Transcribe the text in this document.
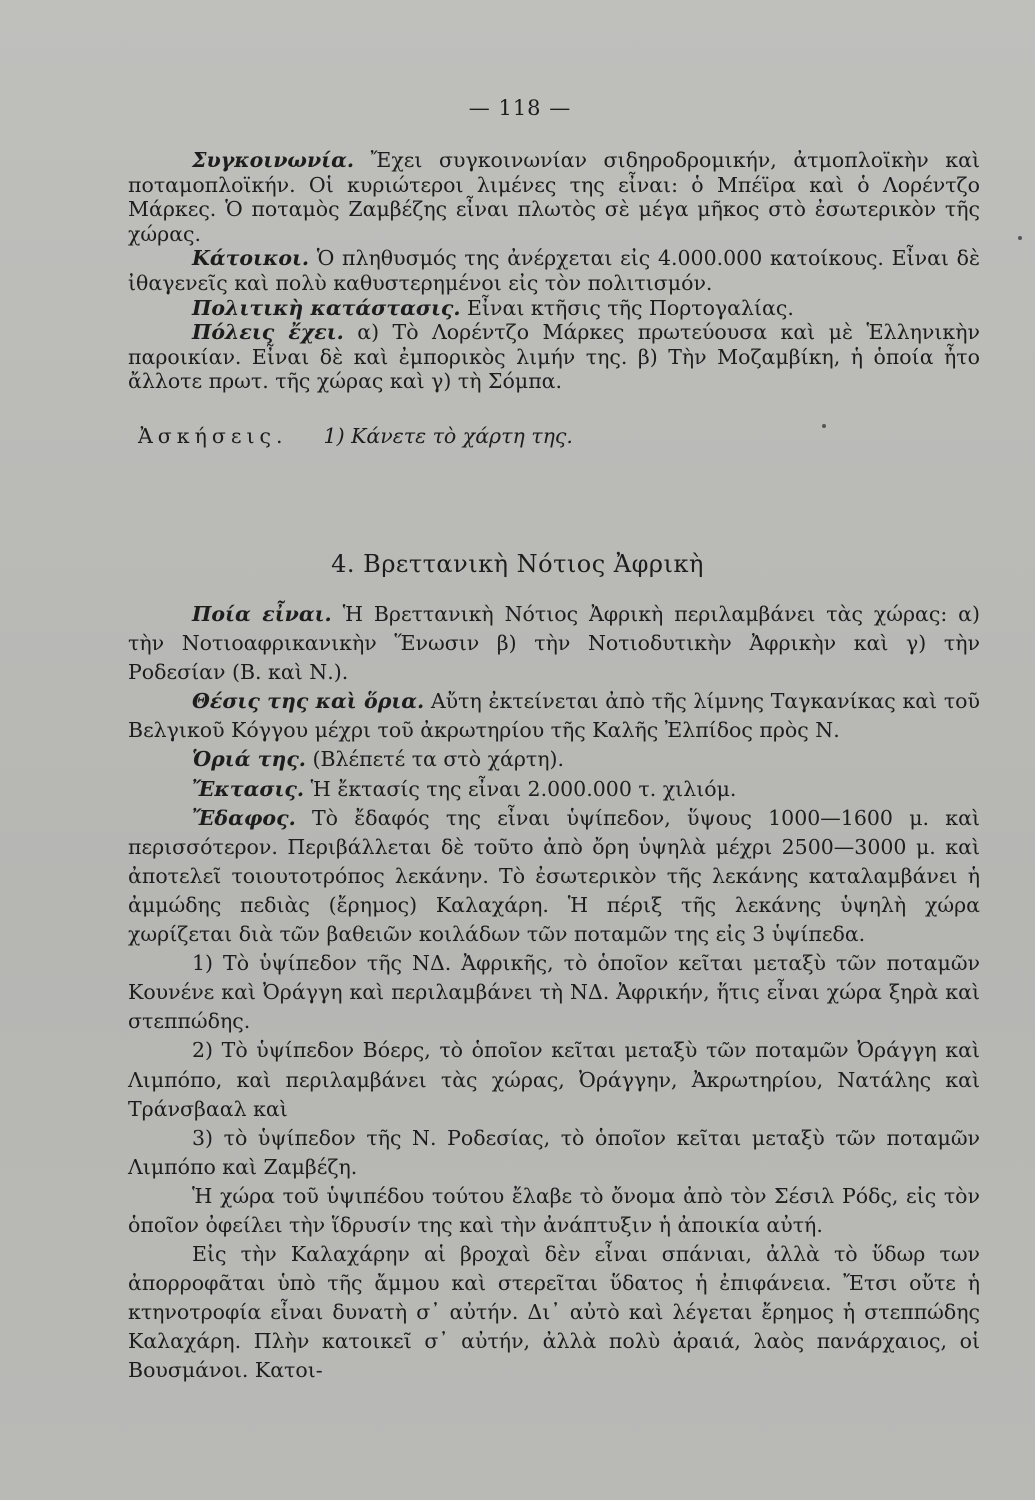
— 118 —

Συγκοινωνία. Ἔχει συγκοινωνίαν σιδηροδρομικήν, ἀτμοπλοϊκὴν καὶ ποταμοπλοϊκήν. Οἱ κυριώτεροι λιμένες της εἶναι: ὁ Μπέϊρα καὶ ὁ Λορέντζο Μάρκες. Ὁ ποταμὸς Ζαμβέζης εἶναι πλωτὸς σὲ μέγα μῆκος στὸ ἐσωτερικὸν τῆς χώρας.

Κάτοικοι. Ὁ πληθυσμός της ἀνέρχεται εἰς 4.000.000 κατοίκους. Εἶναι δὲ ἰθαγενεῖς καὶ πολὺ καθυστερημένοι εἰς τὸν πολιτισμόν.

Πολιτικὴ κατάστασις. Εἶναι κτῆσις τῆς Πορτογαλίας.

Πόλεις ἔχει. α) Τὸ Λορέντζο Μάρκες πρωτεύουσα καὶ μὲ Ἑλληνικὴν παροικίαν. Εἶναι δὲ καὶ ἐμπορικὸς λιμήν της. β) Τὴν Μοζαμβίκη, ἡ ὁποία ἦτο ἄλλοτε πρωτ. τῆς χώρας καὶ γ) τὴ Σόμπα.

Ἀσκήσεις. 1) Κάνετε τὸ χάρτη της.

4. Βρεττανικὴ Νότιος Ἀφρικὴ

Ποία εἶναι. Ἡ Βρεττανικὴ Νότιος Ἀφρικὴ περιλαμβάνει τὰς χώρας: α) τὴν Νοτιοαφρικανικὴν Ἕνωσιν β) τὴν Νοτιοδυτικὴν Ἀφρικὴν καὶ γ) τὴν Ροδεσίαν (Β. καὶ Ν.).

Θέσις της καὶ ὅρια. Αὔτη ἐκτείνεται ἀπὸ τῆς λίμνης Ταγκανίκας καὶ τοῦ Βελγικοῦ Κόγγου μέχρι τοῦ ἀκρωτηρίου τῆς Καλῆς Ἐλπίδος πρὸς Ν.

Ὁριά της. (Βλέπετέ τα στὸ χάρτη).

Ἔκτασις. Ἡ ἔκτασίς της εἶναι 2.000.000 τ. χιλιόμ.

Ἔδαφος. Τὸ ἔδαφός της εἶναι ὑψίπεδον, ὕψους 1000—1600 μ. καὶ περισσότερον. Περιβάλλεται δὲ τοῦτο ἀπὸ ὄρη ὑψηλὰ μέχρι 2500—3000 μ. καὶ ἀποτελεῖ τοιουτοτρόπος λεκάνην. Τὸ ἐσωτερικὸν τῆς λεκάνης καταλαμβάνει ἡ ἀμμώδης πεδιὰς (ἔρημος) Καλαχάρη. Ἡ πέριξ τῆς λεκάνης ὑψηλὴ χώρα χωρίζεται διὰ τῶν βαθειῶν κοιλάδων τῶν ποταμῶν της εἰς 3 ὑψίπεδα.

1) Τὸ ὑψίπεδον τῆς ΝΔ. Ἀφρικῆς, τὸ ὁποῖον κεῖται μεταξὺ τῶν ποταμῶν Κουνένε καὶ Ὀράγγη καὶ περιλαμβάνει τὴ ΝΔ. Ἀφρικήν, ἥτις εἶναι χώρα ξηρὰ καὶ στεππώδης.

2) Τὸ ὑψίπεδον Βόερς, τὸ ὁποῖον κεῖται μεταξὺ τῶν ποταμῶν Ὀράγγη καὶ Λιμπόπο, καὶ περιλαμβάνει τὰς χώρας, Ὀράγγην, Ἀκρωτηρίου, Νατάλης καὶ Τράνσβααλ καὶ

3) τὸ ὑψίπεδον τῆς Ν. Ροδεσίας, τὸ ὁποῖον κεῖται μεταξὺ τῶν ποταμῶν Λιμπόπο καὶ Ζαμβέζη.

Ἡ χώρα τοῦ ὑψιπέδου τούτου ἔλαβε τὸ ὄνομα ἀπὸ τὸν Σέσιλ Ρόδς, εἰς τὸν ὁποῖον ὀφείλει τὴν ἵδρυσίν της καὶ τὴν ἀνάπτυξιν ἡ ἀποικία αὐτή.

Εἰς τὴν Καλαχάρην αἱ βροχαὶ δὲν εἶναι σπάνιαι, ἀλλὰ τὸ ὕδωρ των ἀπορροφᾶται ὑπὸ τῆς ἄμμου καὶ στερεῖται ὕδατος ἡ ἐπιφάνεια. Ἔτσι οὔτε ἡ κτηνοτροφία εἶναι δυνατὴ σ᾿ αὐτήν. Δι᾿ αὐτὸ καὶ λέγεται ἔρημος ἡ στεππώδης Καλαχάρη. Πλὴν κατοικεῖ σ᾿ αὐτήν, ἀλλὰ πολὺ ἀραιά, λαὸς πανάρχαιος, οἱ Βουσμάνοι. Κατοι-
